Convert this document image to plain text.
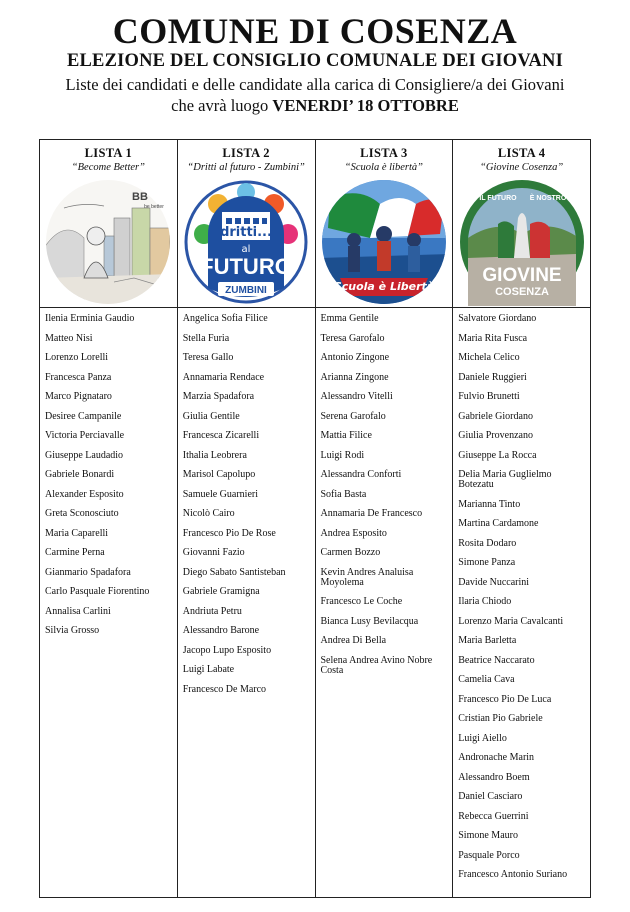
COMUNE DI COSENZA
ELEZIONE DEL CONSIGLIO COMUNALE DEI GIOVANI
Liste dei candidati e delle candidate alla carica di Consigliere/a dei Giovani
che avrà luogo VENERDI’ 18 OTTOBRE
LISTA 1
“Become Better”
BB
be better
Ilenia Erminia Gaudio
Matteo Nisi
Lorenzo Lorelli
Francesca Panza
Marco Pignataro
Desiree Campanile
Victoria Perciavalle
Giuseppe Laudadio
Gabriele Bonardi
Alexander Esposito
Greta Sconosciuto
Maria Caparelli
Carmine Perna
Gianmario Spadafora
Carlo Pasquale Fiorentino
Annalisa Carlini
Silvia Grosso
LISTA 2
“Dritti al futuro - Zumbini”
dritti...
al
FUTURO
ZUMBINI
Angelica Sofia Filice
Stella Furia
Teresa Gallo
Annamaria Rendace
Marzia Spadafora
Giulia Gentile
Francesca Zicarelli
Ithalia Leobrera
Marisol Capolupo
Samuele Guarnieri
Nicolò Cairo
Francesco Pio De Rose
Giovanni Fazio
Diego Sabato Santisteban
Gabriele Gramigna
Andriuta Petru
Alessandro Barone
Jacopo Lupo Esposito
Luigi Labate
Francesco De Marco
LISTA 3
“Scuola è libertà”
Scuola è Libertà
Emma Gentile
Teresa Garofalo
Antonio Zingone
Arianna Zingone
Alessandro Vitelli
Serena Garofalo
Mattia Filice
Luigi Rodi
Alessandra Conforti
Sofia Basta
Annamaria De Francesco
Andrea Esposito
Carmen Bozzo
Kevin Andres Analuisa Moyolema
Francesco Le Coche
Bianca Lusy Bevilacqua
Andrea Di Bella
Selena Andrea Avino Nobre Costa
LISTA 4
“Giovine Cosenza”
IL FUTURO È NOSTRO
GIOVINE
COSENZA
Salvatore Giordano
Maria Rita Fusca
Michela Celico
Daniele Ruggieri
Fulvio Brunetti
Gabriele Giordano
Giulia Provenzano
Giuseppe La Rocca
Delia Maria Guglielmo Botezatu
Marianna Tinto
Martina Cardamone
Rosita Dodaro
Simone Panza
Davide Nuccarini
Ilaria Chiodo
Lorenzo Maria Cavalcanti
Maria Barletta
Beatrice Naccarato
Camelia Cava
Francesco Pio De Luca
Cristian Pio Gabriele
Luigi Aiello
Andronache Marin
Alessandro Boem
Daniel Casciaro
Rebecca Guerrini
Simone Mauro
Pasquale Porco
Francesco Antonio Suriano
